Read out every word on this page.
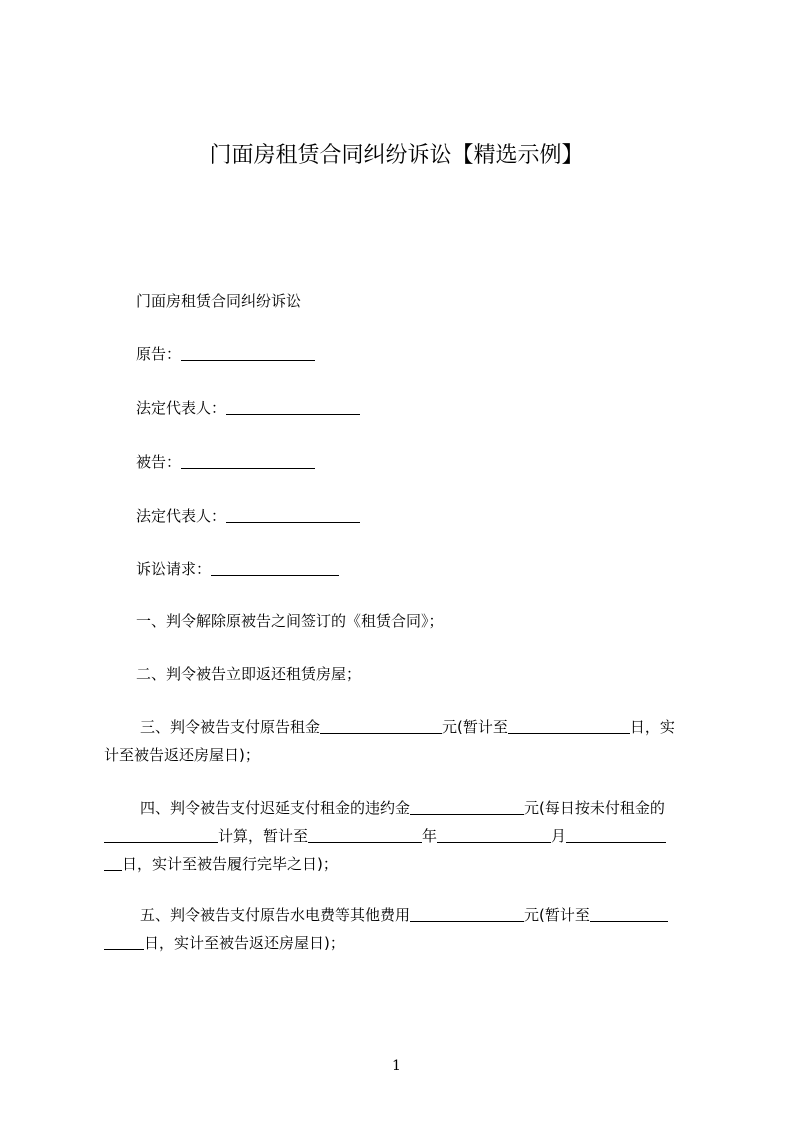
门面房租赁合同纠纷诉讼【精选示例】
门面房租赁合同纠纷诉讼
原告：
法定代表人：
被告：
法定代表人：
诉讼请求：
一、判令解除原被告之间签订的《租赁合同》；
二、判令被告立即返还租赁房屋；
三、判令被告支付原告租金	元(暂计至	日，实
计至被告返还房屋日)；
四、判令被告支付迟延支付租金的违约金	元(每日按未付租金的
计算，暂计至	年	月
日，实计至被告履行完毕之日)；
五、判令被告支付原告水电费等其他费用	元(暂计至
日，实计至被告返还房屋日)；
1
